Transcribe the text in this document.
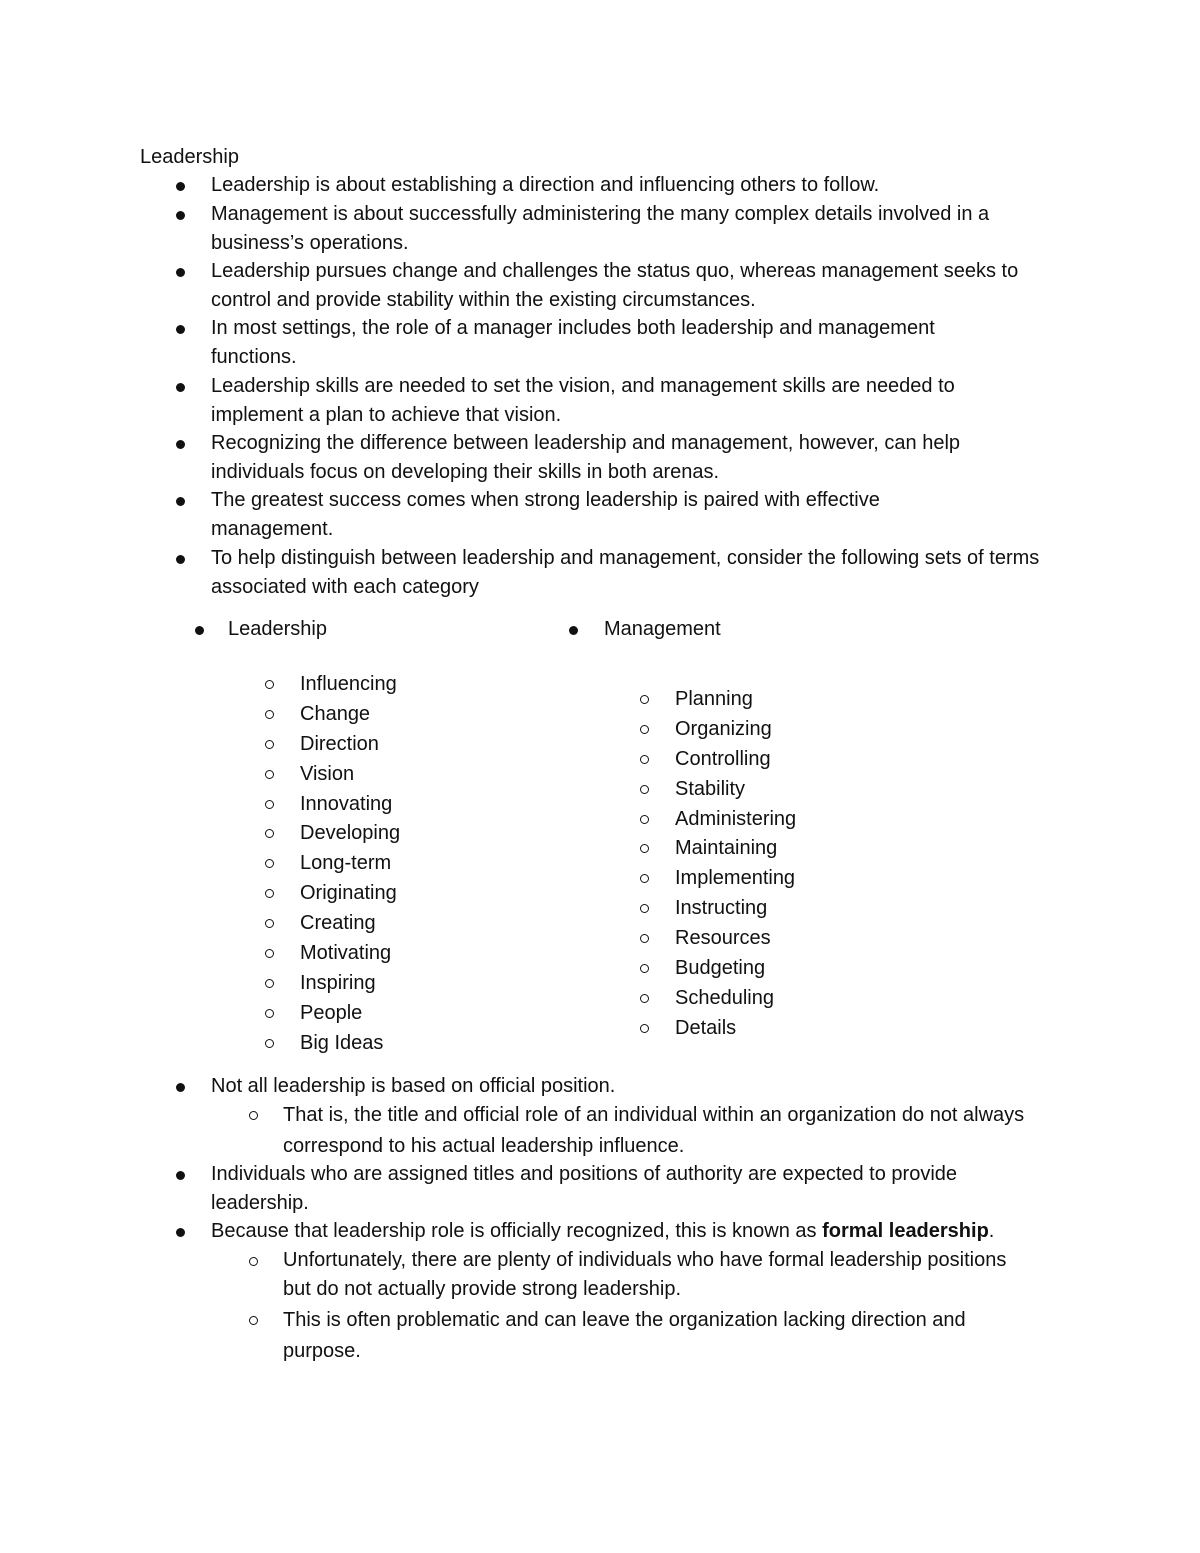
Leadership
Leadership is about establishing a direction and influencing others to follow.
Management is about successfully administering the many complex details involved in a business’s operations.
Leadership pursues change and challenges the status quo, whereas management seeks to control and provide stability within the existing circumstances.
In most settings, the role of a manager includes both leadership and management functions.
Leadership skills are needed to set the vision, and management skills are needed to implement a plan to achieve that vision.
Recognizing the difference between leadership and management, however, can help individuals focus on developing their skills in both arenas.
The greatest success comes when strong leadership is paired with effective management.
To help distinguish between leadership and management, consider the following sets of terms associated with each category
Leadership	Management
Influencing
Change
Direction
Vision
Innovating
Developing
Long-term
Originating
Creating
Motivating
Inspiring
People
Big Ideas
Planning
Organizing
Controlling
Stability
Administering
Maintaining
Implementing
Instructing
Resources
Budgeting
Scheduling
Details
Not all leadership is based on official position.
That is, the title and official role of an individual within an organization do not always correspond to his actual leadership influence.
Individuals who are assigned titles and positions of authority are expected to provide leadership.
Because that leadership role is officially recognized, this is known as formal leadership.
Unfortunately, there are plenty of individuals who have formal leadership positions but do not actually provide strong leadership.
This is often problematic and can leave the organization lacking direction and purpose.
